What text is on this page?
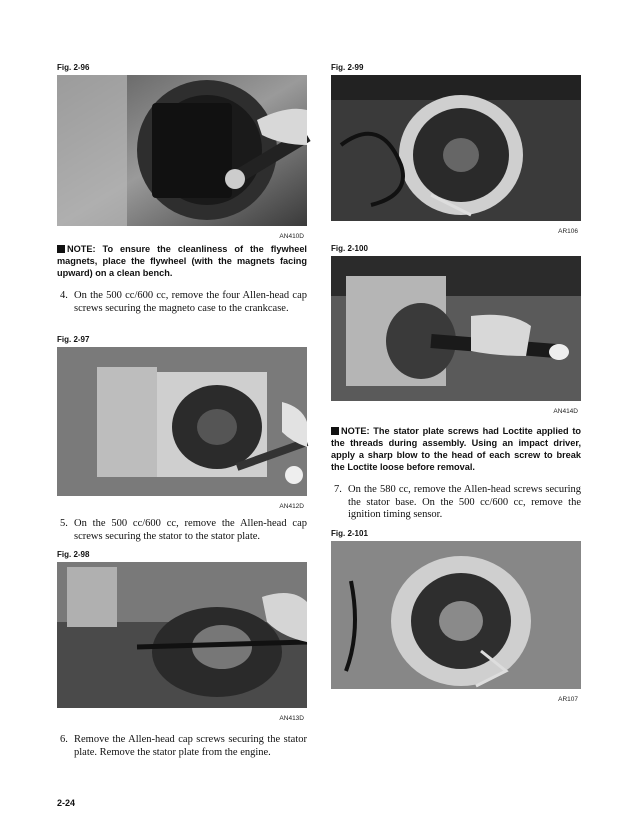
Fig. 2-96
AN410D
NOTE: To ensure the cleanliness of the flywheel magnets, place the flywheel (with the magnets facing upward) on a clean bench.
4. On the 500 cc/600 cc, remove the four Allen-head cap screws securing the magneto case to the crankcase.
Fig. 2-97
AN412D
5. On the 500 cc/600 cc, remove the Allen-head cap screws securing the stator to the stator plate.
Fig. 2-98
AN413D
6. Remove the Allen-head cap screws securing the stator plate. Remove the stator plate from the engine.
2-24
Fig. 2-99
AR106
Fig. 2-100
AN414D
NOTE: The stator plate screws had Loctite applied to the threads during assembly. Using an impact driver, apply a sharp blow to the head of each screw to break the Loctite loose before removal.
7. On the 580 cc, remove the Allen-head screws securing the stator base. On the 500 cc/600 cc, remove the ignition timing sensor.
Fig. 2-101
AR107
